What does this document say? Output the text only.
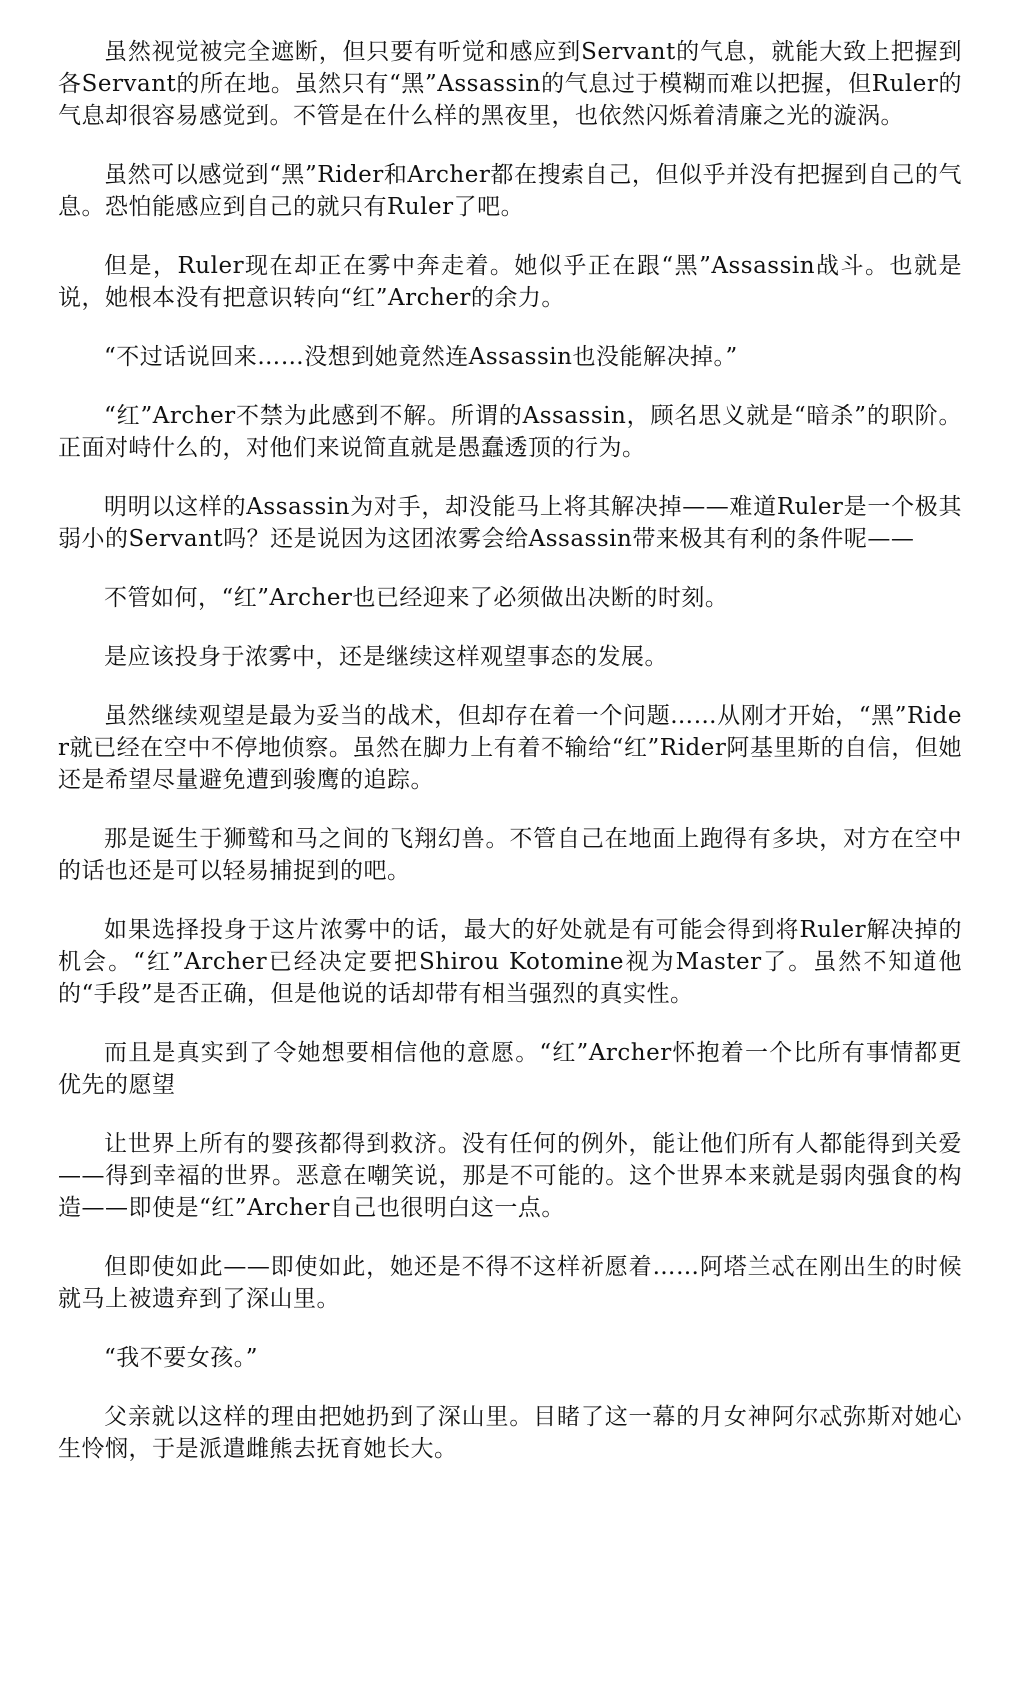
虽然视觉被完全遮断，但只要有听觉和感应到Servant的气息，就能大致上把握到各Servant的所在地。虽然只有“黑”Assassin的气息过于模糊而难以把握，但Ruler的气息却很容易感觉到。不管是在什么样的黑夜里，也依然闪烁着清廉之光的漩涡。

虽然可以感觉到“黑”Rider和Archer都在搜索自己，但似乎并没有把握到自己的气息。恐怕能感应到自己的就只有Ruler了吧。

但是，Ruler现在却正在雾中奔走着。她似乎正在跟“黑”Assassin战斗。也就是说，她根本没有把意识转向“红”Archer的余力。

“不过话说回来……没想到她竟然连Assassin也没能解决掉。”

“红”Archer不禁为此感到不解。所谓的Assassin，顾名思义就是“暗杀”的职阶。正面对峙什么的，对他们来说简直就是愚蠢透顶的行为。

明明以这样的Assassin为对手，却没能马上将其解决掉——难道Ruler是一个极其弱小的Servant吗？还是说因为这团浓雾会给Assassin带来极其有利的条件呢——

不管如何，“红”Archer也已经迎来了必须做出决断的时刻。

是应该投身于浓雾中，还是继续这样观望事态的发展。

虽然继续观望是最为妥当的战术，但却存在着一个问题……从刚才开始，“黑”Rider就已经在空中不停地侦察。虽然在脚力上有着不输给“红”Rider阿基里斯的自信，但她还是希望尽量避免遭到骏鹰的追踪。

那是诞生于狮鹫和马之间的飞翔幻兽。不管自己在地面上跑得有多块，对方在空中的话也还是可以轻易捕捉到的吧。

如果选择投身于这片浓雾中的话，最大的好处就是有可能会得到将Ruler解决掉的机会。“红”Archer已经决定要把Shirou Kotomine视为Master了。虽然不知道他的“手段”是否正确，但是他说的话却带有相当强烈的真实性。

而且是真实到了令她想要相信他的意愿。“红”Archer怀抱着一个比所有事情都更优先的愿望

让世界上所有的婴孩都得到救济。没有任何的例外，能让他们所有人都能得到关爱——得到幸福的世界。恶意在嘲笑说，那是不可能的。这个世界本来就是弱肉强食的构造——即使是“红”Archer自己也很明白这一点。

但即使如此——即使如此，她还是不得不这样祈愿着……阿塔兰忒在刚出生的时候就马上被遗弃到了深山里。

“我不要女孩。”

父亲就以这样的理由把她扔到了深山里。目睹了这一幕的月女神阿尔忒弥斯对她心生怜悯，于是派遣雌熊去抚育她长大。
